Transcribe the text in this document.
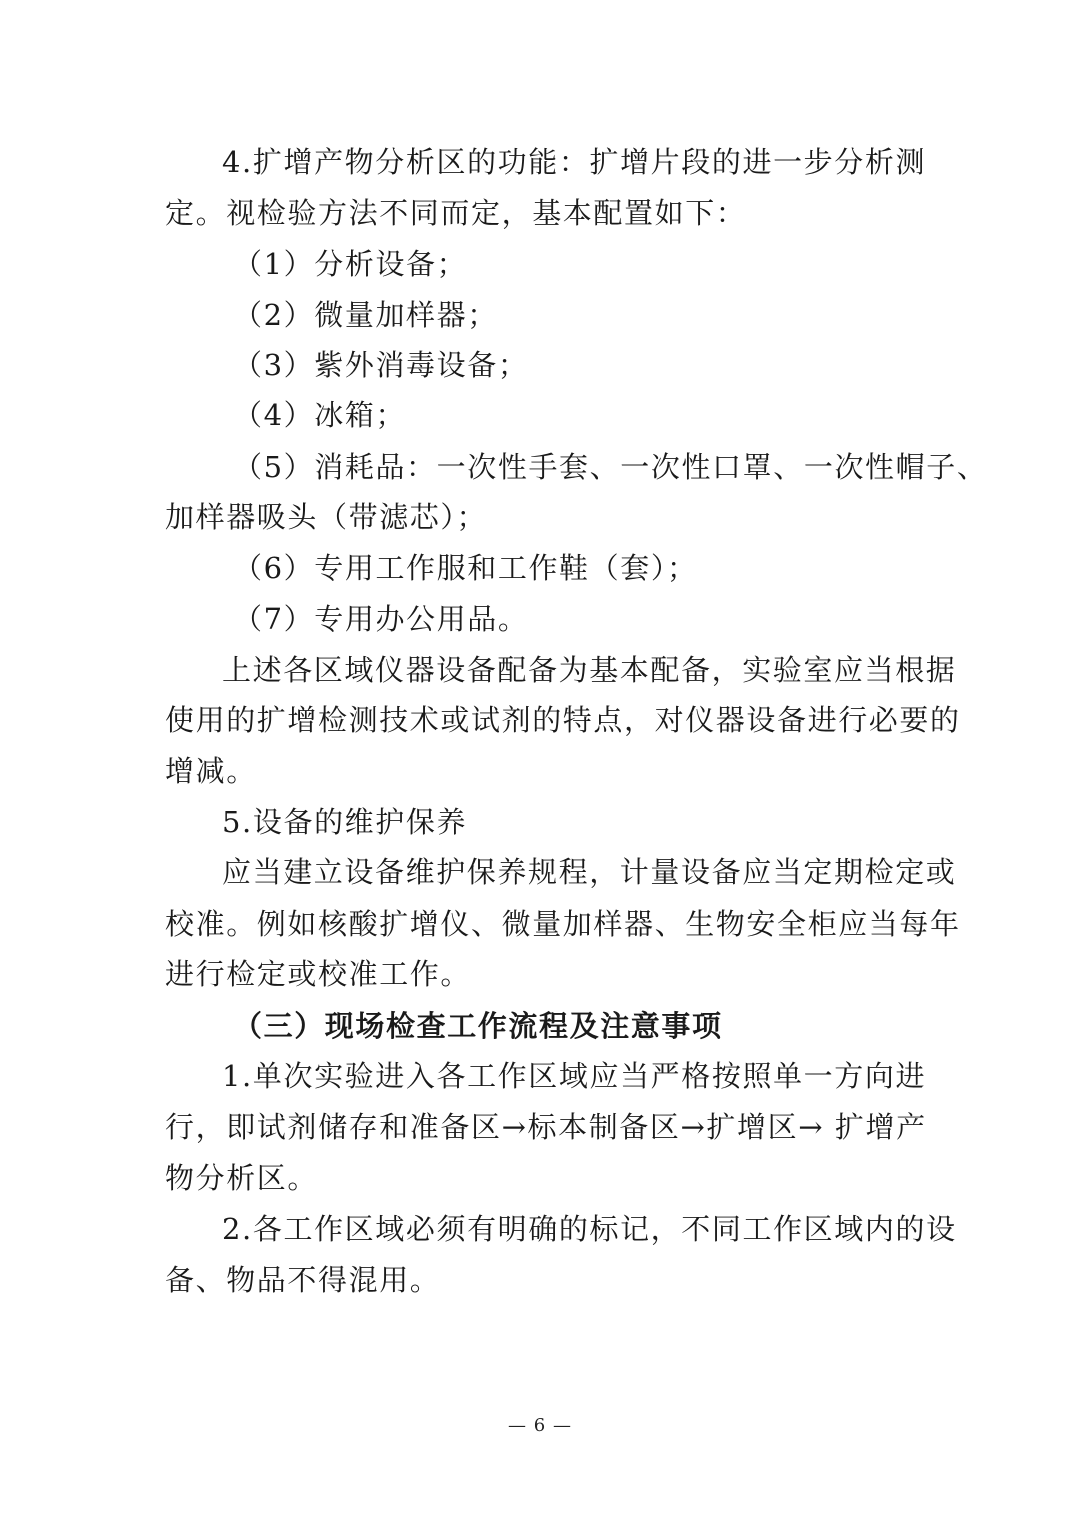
4.扩增产物分析区的功能：扩增片段的进一步分析测
定。视检验方法不同而定，基本配置如下：
（1）分析设备；
（2）微量加样器；
（3）紫外消毒设备；
（4）冰箱；
（5）消耗品：一次性手套、一次性口罩、一次性帽子、
加样器吸头（带滤芯）；
（6）专用工作服和工作鞋（套）；
（7）专用办公用品。
上述各区域仪器设备配备为基本配备，实验室应当根据
使用的扩增检测技术或试剂的特点，对仪器设备进行必要的
增减。
5.设备的维护保养
应当建立设备维护保养规程，计量设备应当定期检定或
校准。例如核酸扩增仪、微量加样器、生物安全柜应当每年
进行检定或校准工作。
（三）现场检查工作流程及注意事项
1.单次实验进入各工作区域应当严格按照单一方向进
行，即试剂储存和准备区→标本制备区→扩增区→ 扩增产
物分析区。
2.各工作区域必须有明确的标记，不同工作区域内的设
备、物品不得混用。
— 6 —
